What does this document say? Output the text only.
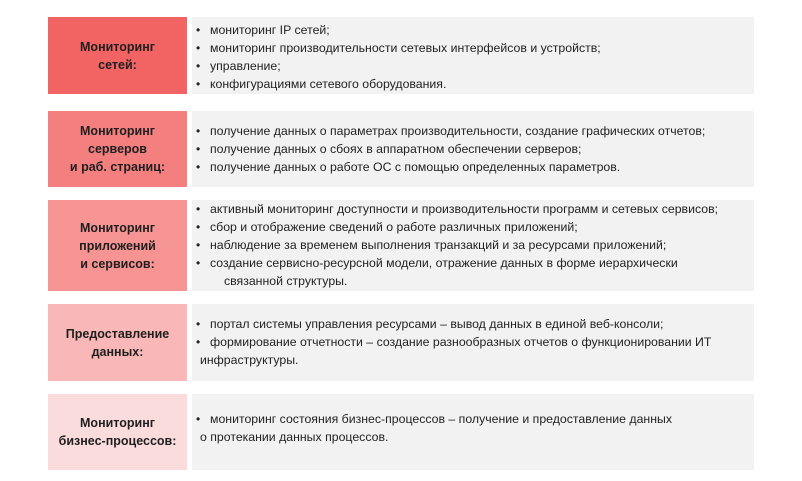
Мониторинг
сетей:
• мониторинг IP сетей;
• мониторинг производительности сетевых интерфейсов и устройств;
• управление;
• конфигурациями сетевого оборудования.
Мониторинг
серверов
и раб. страниц:
• получение данных о параметрах производительности, создание графических отчетов;
• получение данных о сбоях в аппаратном обеспечении серверов;
• получение данных о работе ОС с помощью определенных параметров.
Мониторинг
приложений
и сервисов:
• активный мониторинг доступности и производительности программ и сетевых сервисов;
• сбор и отображение сведений о работе различных приложений;
• наблюдение за временем выполнения транзакций и за ресурсами приложений;
• создание сервисно-ресурсной модели, отражение данных в форме иерархически
связанной структуры.
Предоставление
данных:
• портал системы управления ресурсами – вывод данных в единой веб-консоли;
• формирование отчетности – создание разнообразных отчетов о функционировании ИТ
инфраструктуры.
Мониторинг
бизнес-процессов:
• мониторинг состояния бизнес-процессов – получение и предоставление данных
о протекании данных процессов.
